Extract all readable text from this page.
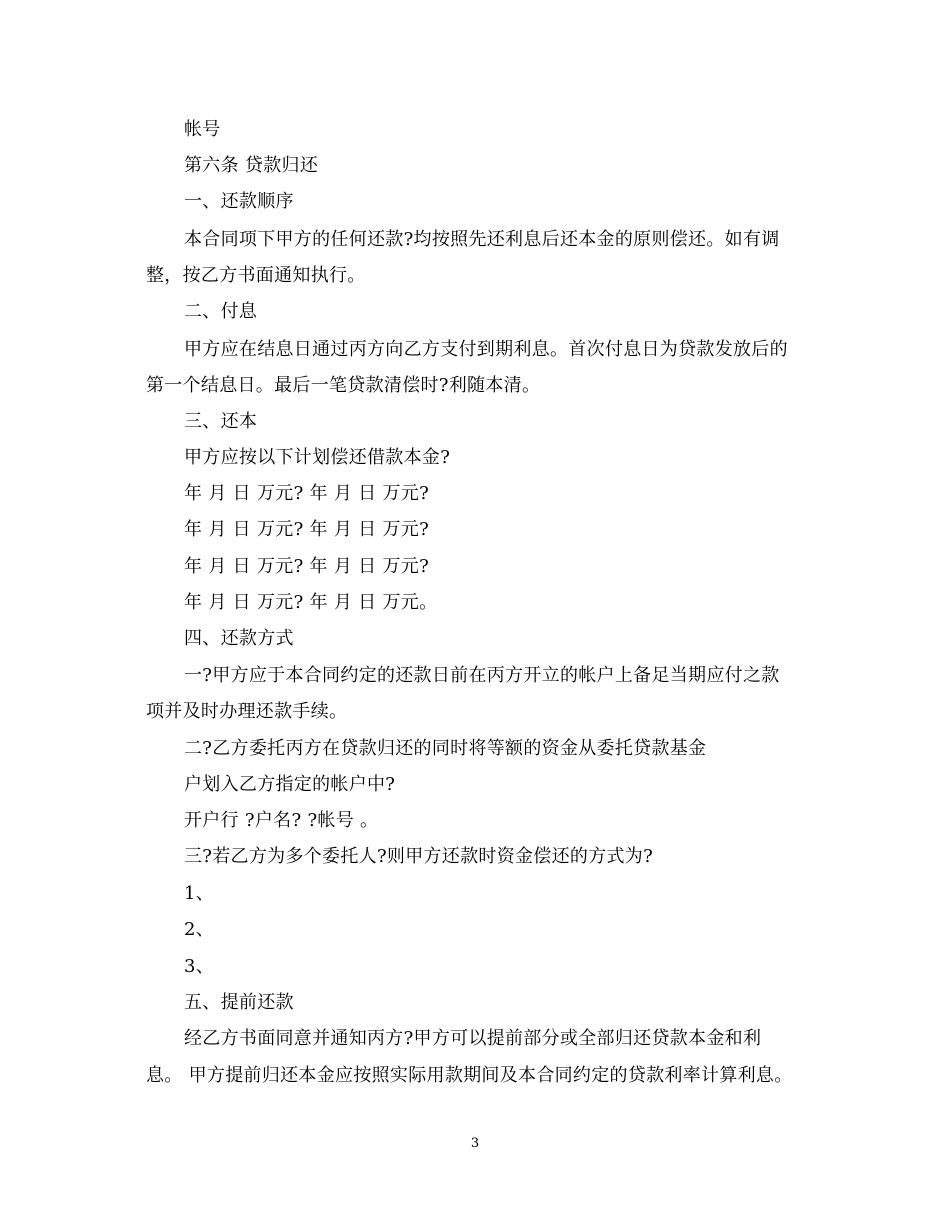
帐号
第六条 贷款归还
一、还款顺序
本合同项下甲方的任何还款?均按照先还利息后还本金的原则偿还。如有调
整，按乙方书面通知执行。
二、付息
甲方应在结息日通过丙方向乙方支付到期利息。首次付息日为贷款发放后的
第一个结息日。最后一笔贷款清偿时?利随本清。
三、还本
甲方应按以下计划偿还借款本金?
年 月 日 万元? 年 月 日 万元?
年 月 日 万元? 年 月 日 万元?
年 月 日 万元? 年 月 日 万元?
年 月 日 万元? 年 月 日 万元。
四、还款方式
一?甲方应于本合同约定的还款日前在丙方开立的帐户上备足当期应付之款
项并及时办理还款手续。
二?乙方委托丙方在贷款归还的同时将等额的资金从委托贷款基金
户划入乙方指定的帐户中?
开户行 ?户名? ?帐号 。
三?若乙方为多个委托人?则甲方还款时资金偿还的方式为?
1、
2、
3、
五、提前还款
经乙方书面同意并通知丙方?甲方可以提前部分或全部归还贷款本金和利
息。 甲方提前归还本金应按照实际用款期间及本合同约定的贷款利率计算利息。
3
